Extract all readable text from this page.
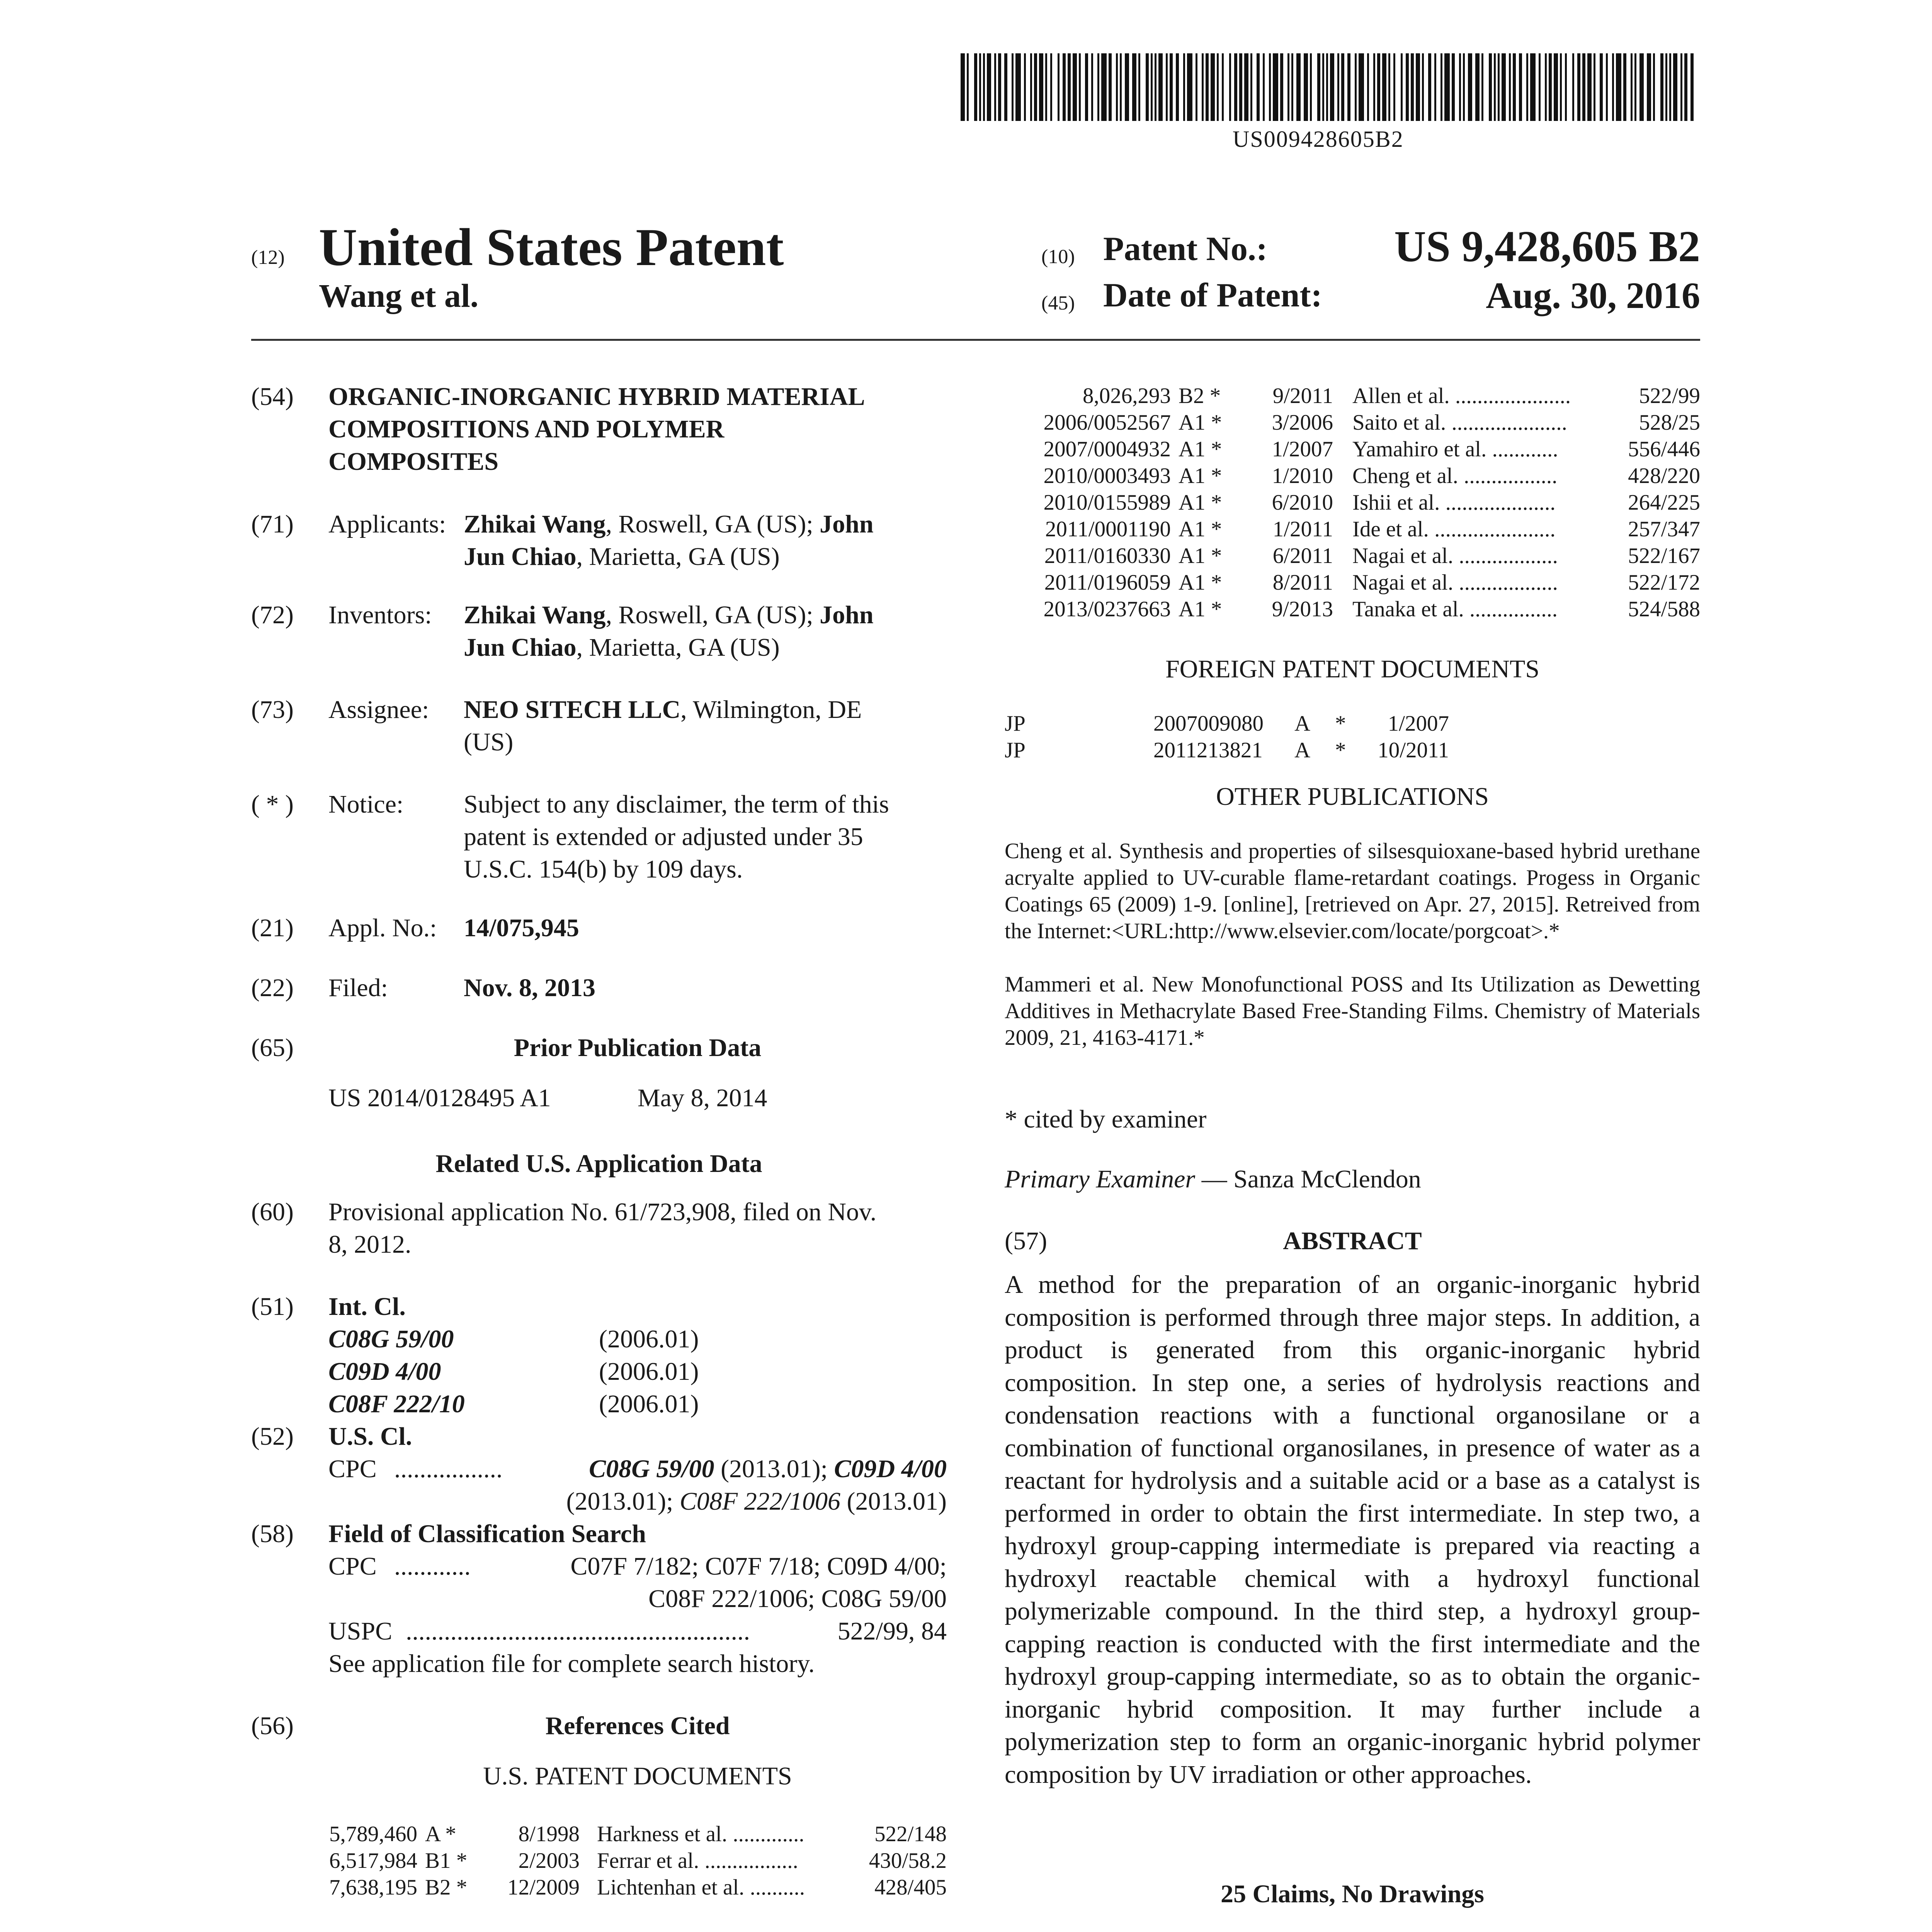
US009428605B2
(12) United States Patent
Wang et al.
(10) Patent No.:	US 9,428,605 B2
(45) Date of Patent:	Aug. 30, 2016
(54) ORGANIC-INORGANIC HYBRID MATERIAL
COMPOSITIONS AND POLYMER
COMPOSITES
(71) Applicants: Zhikai Wang, Roswell, GA (US); John
Jun Chiao, Marietta, GA (US)
(72) Inventors: Zhikai Wang, Roswell, GA (US); John
Jun Chiao, Marietta, GA (US)
(73) Assignee: NEO SITECH LLC, Wilmington, DE
(US)
( * ) Notice: Subject to any disclaimer, the term of this
patent is extended or adjusted under 35
U.S.C. 154(b) by 109 days.
(21) Appl. No.: 14/075,945
(22) Filed:	Nov. 8, 2013
(65)	Prior Publication Data
US 2014/0128495 A1	May 8, 2014
Related U.S. Application Data
(60) Provisional application No. 61/723,908, filed on Nov.
8, 2012.
(51) Int. Cl.
C08G 59/00	(2006.01)
C09D 4/00	(2006.01)
C08F 222/10	(2006.01)
(52) U.S. Cl.
CPC .................	C08G 59/00 (2013.01); C09D 4/00
(2013.01); C08F 222/1006 (2013.01)
(58) Field of Classification Search
CPC ............	C07F 7/182; C07F 7/18; C09D 4/00;
C08F 222/1006; C08G 59/00
USPC ......................................................	522/99, 84
See application file for complete search history.
(56)	References Cited
U.S. PATENT DOCUMENTS
5,789,460 A *	8/1998 Harkness et al. .............	522/148
6,517,984 B1 *	2/2003 Ferrar et al. .................	430/58.2
7,638,195 B2 *	12/2009 Lichtenhan et al. ..........	428/405
8,026,293 B2 *	9/2011 Allen et al. .....................	522/99
2006/0052567 A1 *	3/2006 Saito et al. .....................	528/25
2007/0004932 A1 *	1/2007 Yamahiro et al. ............	556/446
2010/0003493 A1 *	1/2010 Cheng et al. .................	428/220
2010/0155989 A1 *	6/2010 Ishii et al. ....................	264/225
2011/0001190 A1 *	1/2011 Ide et al. ......................	257/347
2011/0160330 A1 *	6/2011 Nagai et al. ..................	522/167
2011/0196059 A1 *	8/2011 Nagai et al. ..................	522/172
2013/0237663 A1 *	9/2013 Tanaka et al. ................	524/588
FOREIGN PATENT DOCUMENTS
JP	2007009080 A *	1/2007
JP	2011213821 A *	10/2011
OTHER PUBLICATIONS
Cheng et al. Synthesis and properties of silsesquioxane-based hybrid urethane acryalte applied to UV-curable flame-retardant coatings. Progess in Organic Coatings 65 (2009) 1-9. [online], [retrieved on Apr. 27, 2015]. Retreived from the Internet:<URL:http://www.elsevier.com/locate/porgcoat>.*
Mammeri et al. New Monofunctional POSS and Its Utilization as Dewetting Additives in Methacrylate Based Free-Standing Films. Chemistry of Materials 2009, 21, 4163-4171.*
* cited by examiner
Primary Examiner — Sanza McClendon
(57)	ABSTRACT
A method for the preparation of an organic-inorganic hybrid composition is performed through three major steps. In addition, a product is generated from this organic-inorganic hybrid composition. In step one, a series of hydrolysis reactions and condensation reactions with a functional organosilane or a combination of functional organosilanes, in presence of water as a reactant for hydrolysis and a suitable acid or a base as a catalyst is performed in order to obtain the first intermediate. In step two, a hydroxyl group-capping intermediate is prepared via reacting a hydroxyl reactable chemical with a hydroxyl functional polymerizable compound. In the third step, a hydroxyl group-capping reaction is conducted with the first intermediate and the hydroxyl group-capping intermediate, so as to obtain the organic-inorganic hybrid composition. It may further include a polymerization step to form an organic-inorganic hybrid polymer composition by UV irradiation or other approaches.
25 Claims, No Drawings
